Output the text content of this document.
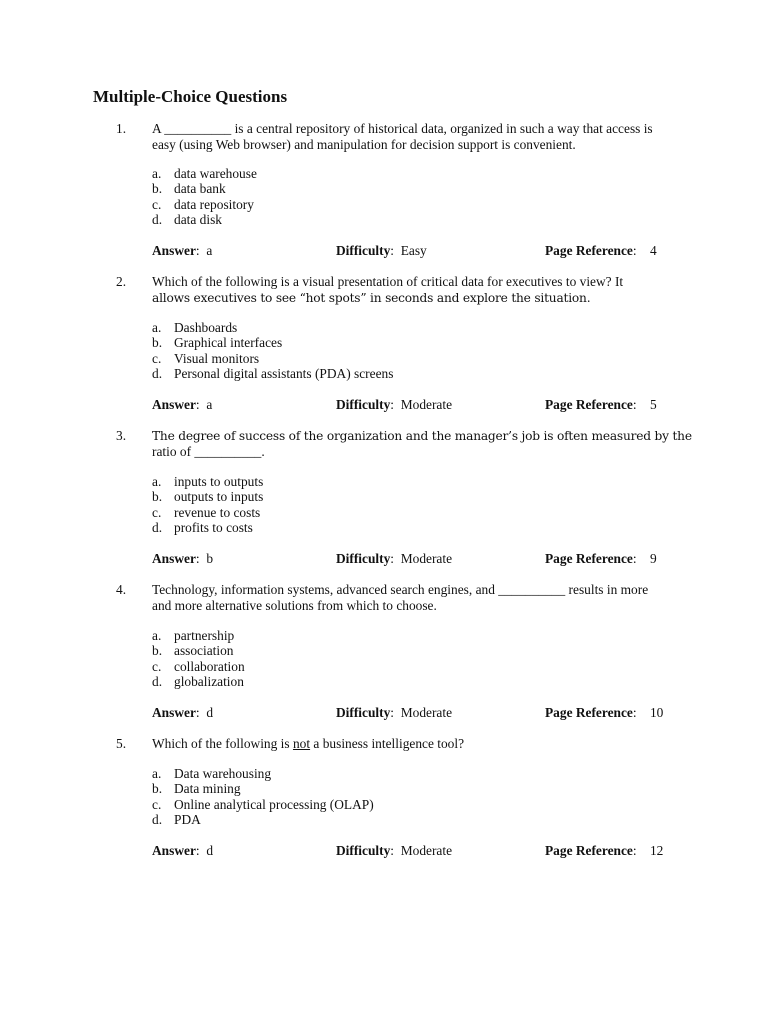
Multiple-Choice Questions
1. A __________ is a central repository of historical data, organized in such a way that access is
easy (using Web browser) and manipulation for decision support is convenient.
a. data warehouse
b. data bank
c. data repository
d. data disk
Answer:  a	Difficulty:  Easy	Page Reference:    4
2. Which of the following is a visual presentation of critical data for executives to view? It
allows executives to see “hot spots” in seconds and explore the situation.
a. Dashboards
b. Graphical interfaces
c. Visual monitors
d. Personal digital assistants (PDA) screens
Answer:  a	Difficulty:  Moderate	Page Reference:    5
3. The degree of success of the organization and the manager’s job is often measured by the
ratio of __________.
a. inputs to outputs
b. outputs to inputs
c. revenue to costs
d. profits to costs
Answer:  b	Difficulty:  Moderate	Page Reference:    9
4. Technology, information systems, advanced search engines, and __________ results in more
and more alternative solutions from which to choose.
a. partnership
b. association
c. collaboration
d. globalization
Answer:  d	Difficulty:  Moderate	Page Reference:    10
5. Which of the following is not a business intelligence tool?
a. Data warehousing
b. Data mining
c. Online analytical processing (OLAP)
d. PDA
Answer:  d	Difficulty:  Moderate	Page Reference:    12
